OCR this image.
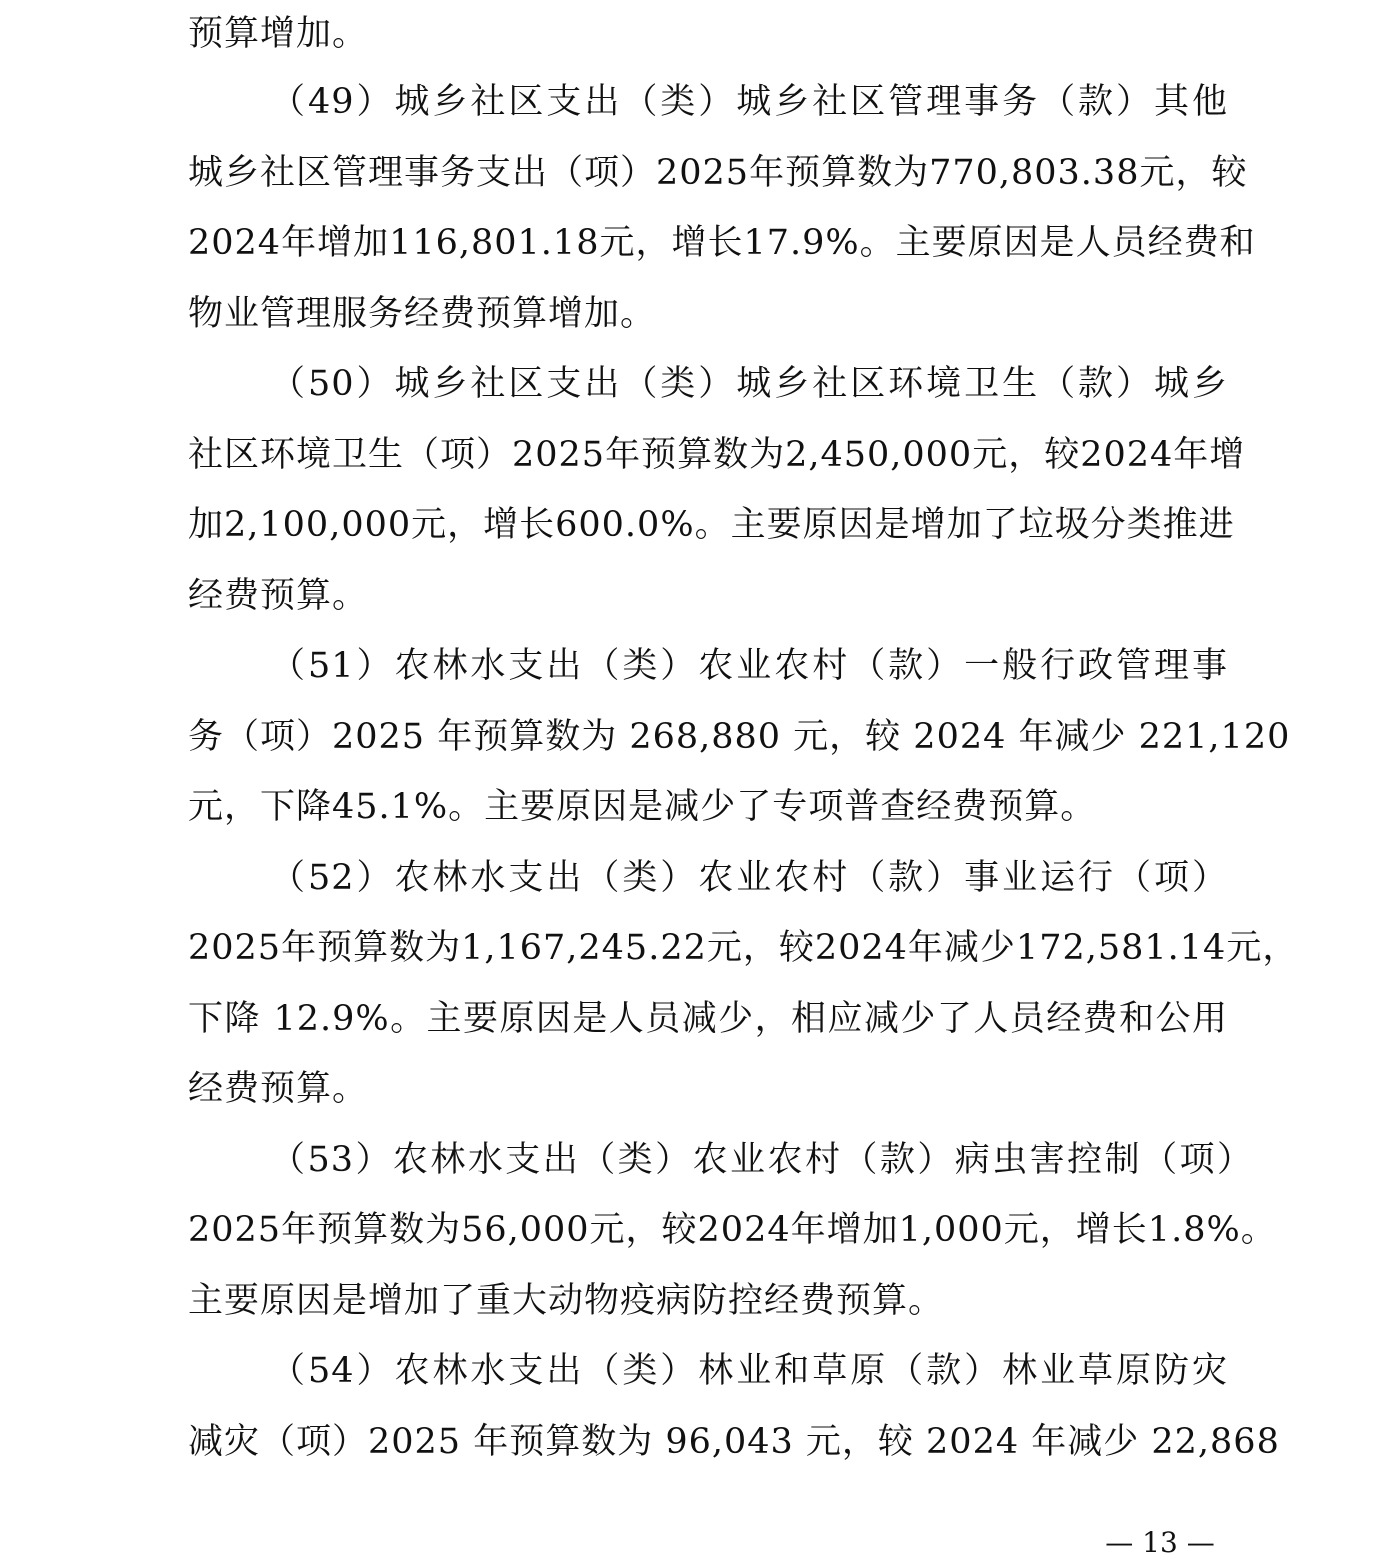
预算增加。
（49）城乡社区支出（类）城乡社区管理事务（款）其他
城乡社区管理事务支出（项）2025年预算数为770,803.38元，较
2024年增加116,801.18元，增长17.9%。主要原因是人员经费和
物业管理服务经费预算增加。
（50）城乡社区支出（类）城乡社区环境卫生（款）城乡
社区环境卫生（项）2025年预算数为2,450,000元，较2024年增
加2,100,000元，增长600.0%。主要原因是增加了垃圾分类推进
经费预算。
（51）农林水支出（类）农业农村（款）一般行政管理事
务（项）2025 年预算数为 268,880 元，较 2024 年减少 221,120
元，下降45.1%。主要原因是减少了专项普查经费预算。
（52）农林水支出（类）农业农村（款）事业运行（项）
2025年预算数为1,167,245.22元，较2024年减少172,581.14元，
下降 12.9%。主要原因是人员减少，相应减少了人员经费和公用
经费预算。
（53）农林水支出（类）农业农村（款）病虫害控制（项）
2025年预算数为56,000元，较2024年增加1,000元，增长1.8%。
主要原因是增加了重大动物疫病防控经费预算。
（54）农林水支出（类）林业和草原（款）林业草原防灾
减灾（项）2025 年预算数为 96,043 元，较 2024 年减少 22,868
— 13 —
